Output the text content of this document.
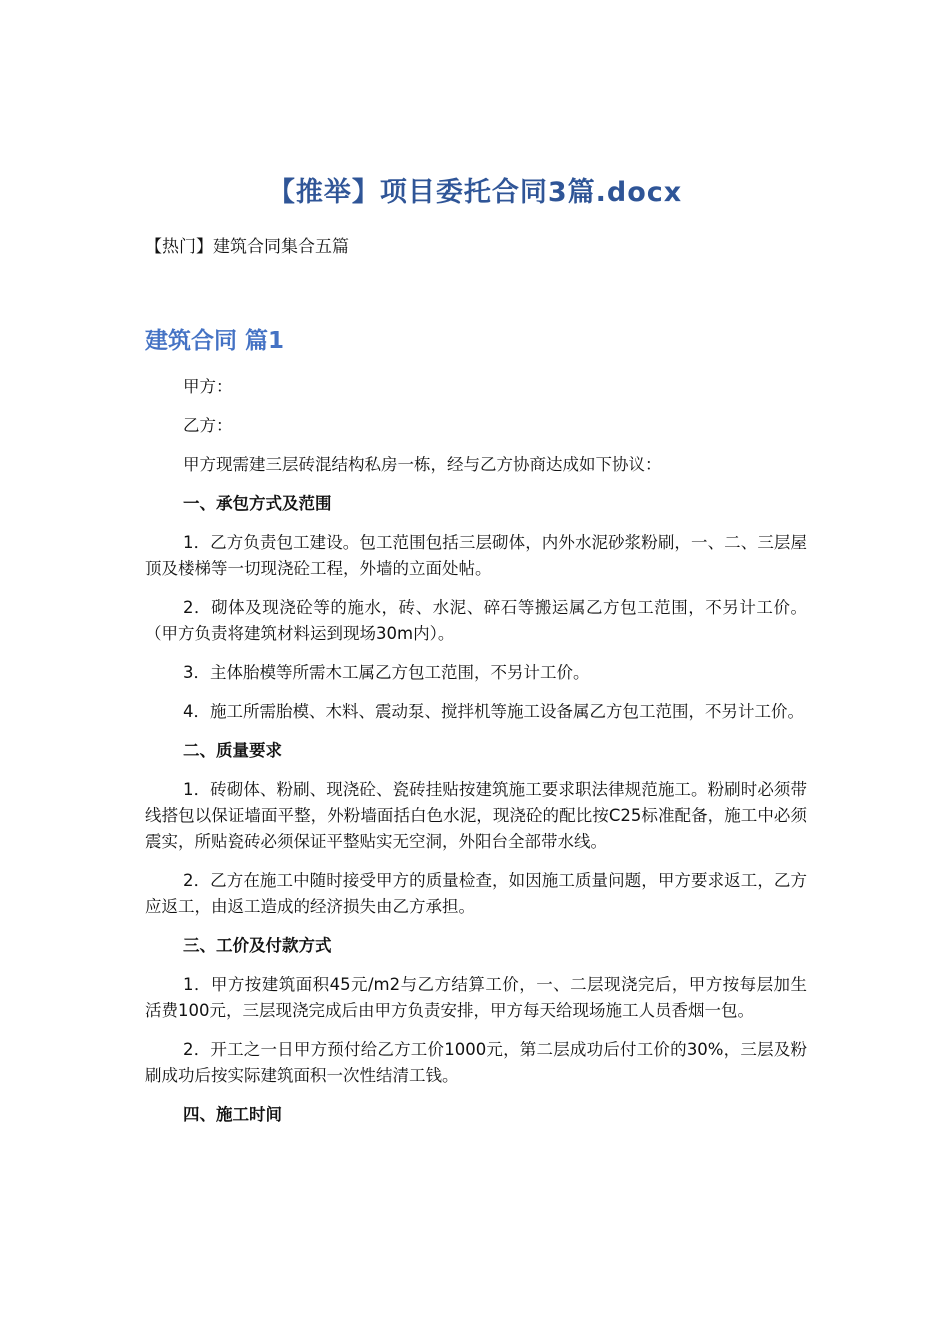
【推举】项目委托合同3篇.docx
【热门】建筑合同集合五篇
建筑合同 篇1

甲方：

乙方：

甲方现需建三层砖混结构私房一栋，经与乙方协商达成如下协议：

一、承包方式及范围

1．乙方负责包工建设。包工范围包括三层砌体，内外水泥砂浆粉刷，一、二、三层屋顶及楼梯等一切现浇砼工程，外墙的立面处帖。

2．砌体及现浇砼等的施水，砖、水泥、碎石等搬运属乙方包工范围，不另计工价。（甲方负责将建筑材料运到现场30m内）。

3．主体胎模等所需木工属乙方包工范围，不另计工价。

4．施工所需胎模、木料、震动泵、搅拌机等施工设备属乙方包工范围，不另计工价。

二、质量要求

1．砖砌体、粉刷、现浇砼、瓷砖挂贴按建筑施工要求职法律规范施工。粉刷时必须带线搭包以保证墙面平整，外粉墙面括白色水泥，现浇砼的配比按C25标准配备，施工中必须震实，所贴瓷砖必须保证平整贴实无空洞，外阳台全部带水线。

2．乙方在施工中随时接受甲方的质量检查，如因施工质量问题，甲方要求返工，乙方应返工，由返工造成的经济损失由乙方承担。

三、工价及付款方式

1．甲方按建筑面积45元/m2与乙方结算工价，一、二层现浇完后，甲方按每层加生活费100元，三层现浇完成后由甲方负责安排，甲方每天给现场施工人员香烟一包。

2．开工之一日甲方预付给乙方工价1000元，第二层成功后付工价的30%，三层及粉刷成功后按实际建筑面积一次性结清工钱。

四、施工时间
